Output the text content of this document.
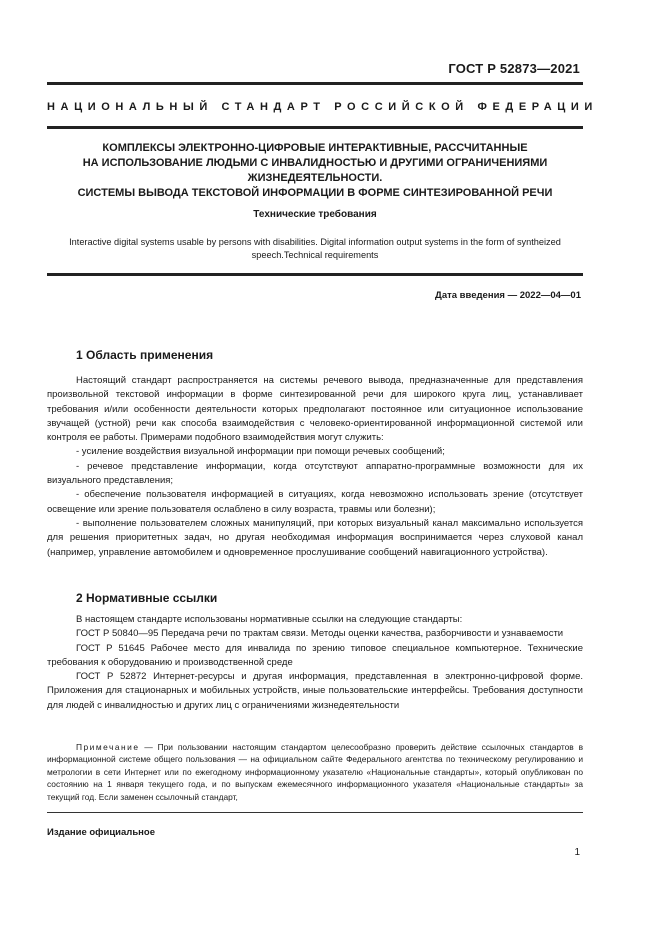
ГОСТ Р 52873—2021
НАЦИОНАЛЬНЫЙ СТАНДАРТ РОССИЙСКОЙ ФЕДЕРАЦИИ
КОМПЛЕКСЫ ЭЛЕКТРОННО-ЦИФРОВЫЕ ИНТЕРАКТИВНЫЕ, РАССЧИТАННЫЕ
НА ИСПОЛЬЗОВАНИЕ ЛЮДЬМИ С ИНВАЛИДНОСТЬЮ И ДРУГИМИ ОГРАНИЧЕНИЯМИ
ЖИЗНЕДЕЯТЕЛЬНОСТИ.
СИСТЕМЫ ВЫВОДА ТЕКСТОВОЙ ИНФОРМАЦИИ В ФОРМЕ СИНТЕЗИРОВАННОЙ РЕЧИ
Технические требования
Interactive digital systems usable by persons with disabilities. Digital information output systems in the form of syntheized
speech.Technical requirements
Дата введения — 2022—04—01
1 Область применения

Настоящий стандарт распространяется на системы речевого вывода, предназначенные для представления произвольной текстовой информации в форме синтезированной речи для широкого круга лиц, устанавливает требования и/или особенности деятельности которых предполагают постоянное или ситуационное использование звучащей (устной) речи как способа взаимодействия с человеко-ориентированной информационной системой или контроля ее работы. Примерами подобного взаимодействия могут служить:

- усиление воздействия визуальной информации при помощи речевых сообщений;

- речевое представление информации, когда отсутствуют аппаратно-программные возможности для их визуального представления;

- обеспечение пользователя информацией в ситуациях, когда невозможно использовать зрение (отсутствует освещение или зрение пользователя ослаблено в силу возраста, травмы или болезни);

- выполнение пользователем сложных манипуляций, при которых визуальный канал максимально используется для решения приоритетных задач, но другая необходимая информация воспринимается через слуховой канал (например, управление автомобилем и одновременное прослушивание сообщений навигационного устройства).

2 Нормативные ссылки

В настоящем стандарте использованы нормативные ссылки на следующие стандарты:

ГОСТ Р 50840—95 Передача речи по трактам связи. Методы оценки качества, разборчивости и узнаваемости

ГОСТ Р 51645 Рабочее место для инвалида по зрению типовое специальное компьютерное. Технические требования к оборудованию и производственной среде

ГОСТ Р 52872 Интернет-ресурсы и другая информация, представленная в электронно-цифровой форме. Приложения для стационарных и мобильных устройств, иные пользовательские интерфейсы. Требования доступности для людей с инвалидностью и других лиц с ограничениями жизнедеятельности

Примечание — При пользовании настоящим стандартом целесообразно проверить действие ссылочных стандартов в информационной системе общего пользования — на официальном сайте Федерального агентства по техническому регулированию и метрологии в сети Интернет или по ежегодному информационному указателю «Национальные стандарты», который опубликован по состоянию на 1 января текущего года, и по выпускам ежемесячного информационного указателя «Национальные стандарты» за текущий год. Если заменен ссылочный стандарт,
Издание официальное
1
